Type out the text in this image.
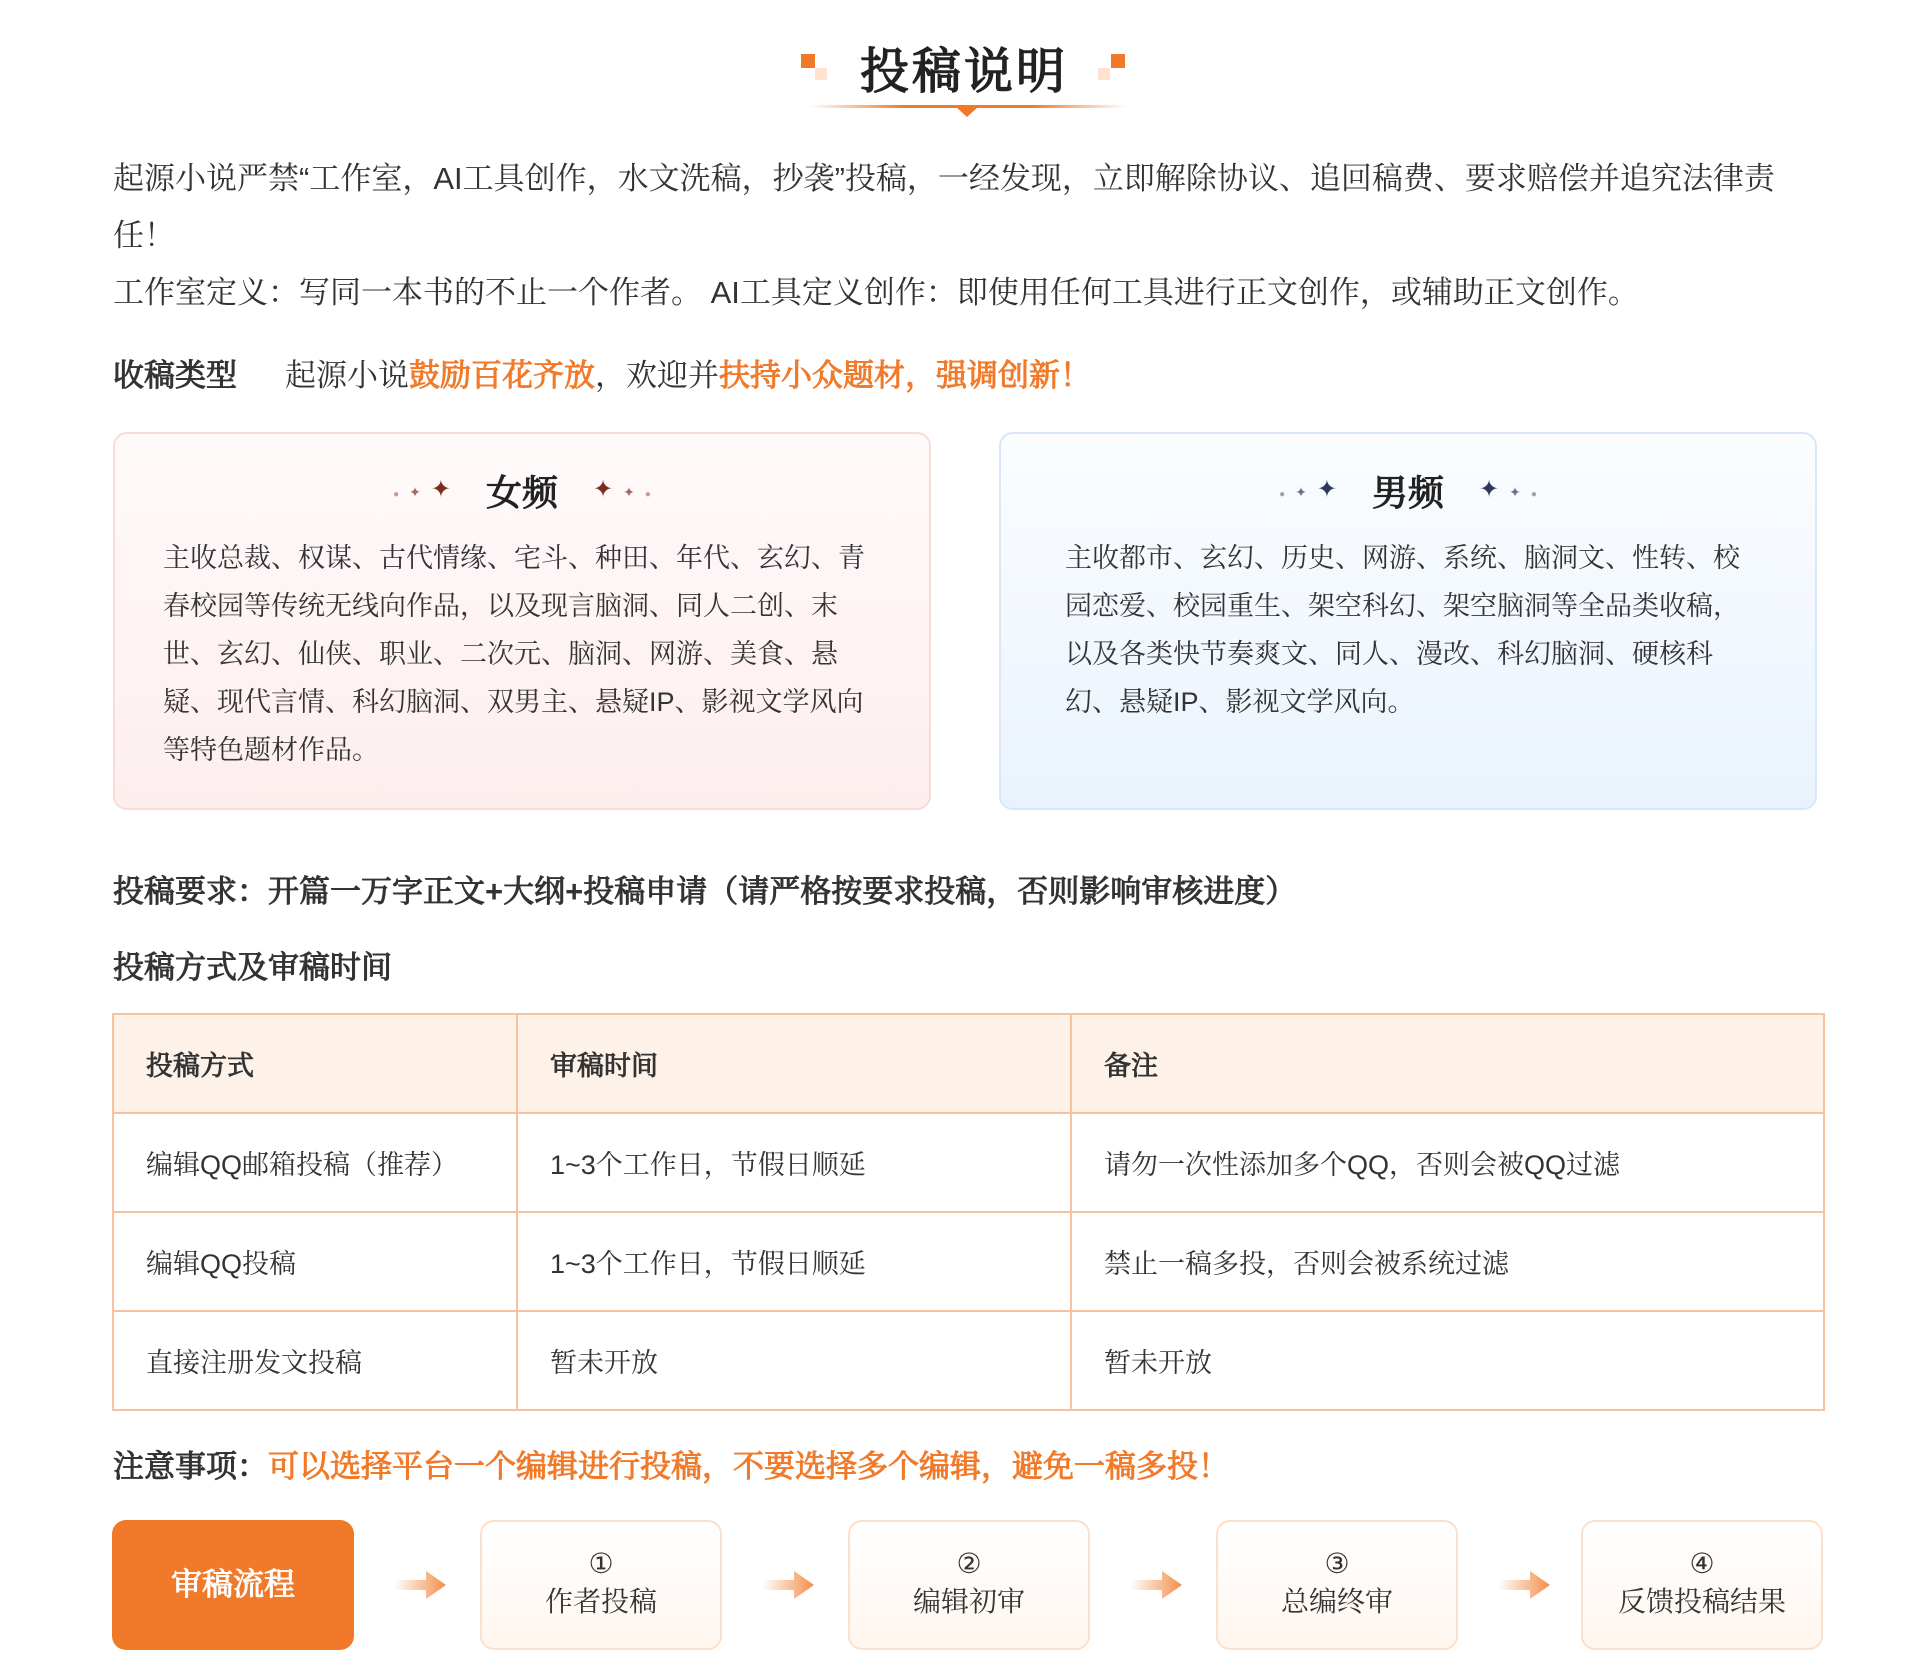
投稿说明

起源小说严禁“工作室，AI工具创作，水文洗稿，抄袭”投稿，一经发现，立即解除协议、追回稿费、要求赔偿并追究法律责任！

工作室定义：写同一本书的不止一个作者。 AI工具定义创作：即使用任何工具进行正文创作，或辅助正文创作。

收稿类型 起源小说鼓励百花齐放，欢迎并扶持小众题材，强调创新！
● ✦ ✦ 女频 ✦ ✦ ●
主收总裁、权谋、古代情缘、宅斗、种田、年代、玄幻、青春校园等传统无线向作品，以及现言脑洞、同人二创、末世、玄幻、仙侠、职业、二次元、脑洞、网游、美食、悬疑、现代言情、科幻脑洞、双男主、悬疑IP、影视文学风向等特色题材作品。
● ✦ ✦ 男频 ✦ ✦ ●
主收都市、玄幻、历史、网游、系统、脑洞文、性转、校园恋爱、校园重生、架空科幻、架空脑洞等全品类收稿，以及各类快节奏爽文、同人、漫改、科幻脑洞、硬核科幻、悬疑IP、影视文学风向。
投稿要求：开篇一万字正文+大纲+投稿申请（请严格按要求投稿，否则影响审核进度）
投稿方式及审稿时间
投稿方式	审稿时间	备注
编辑QQ邮箱投稿（推荐）	1~3个工作日，节假日顺延	请勿一次性添加多个QQ，否则会被QQ过滤
编辑QQ投稿	1~3个工作日，节假日顺延	禁止一稿多投，否则会被系统过滤
直接注册发文投稿	暂未开放	暂未开放
注意事项：可以选择平台一个编辑进行投稿，不要选择多个编辑，避免一稿多投！
审稿流程
①
作者投稿
②
编辑初审
③
总编终审
④
反馈投稿结果
